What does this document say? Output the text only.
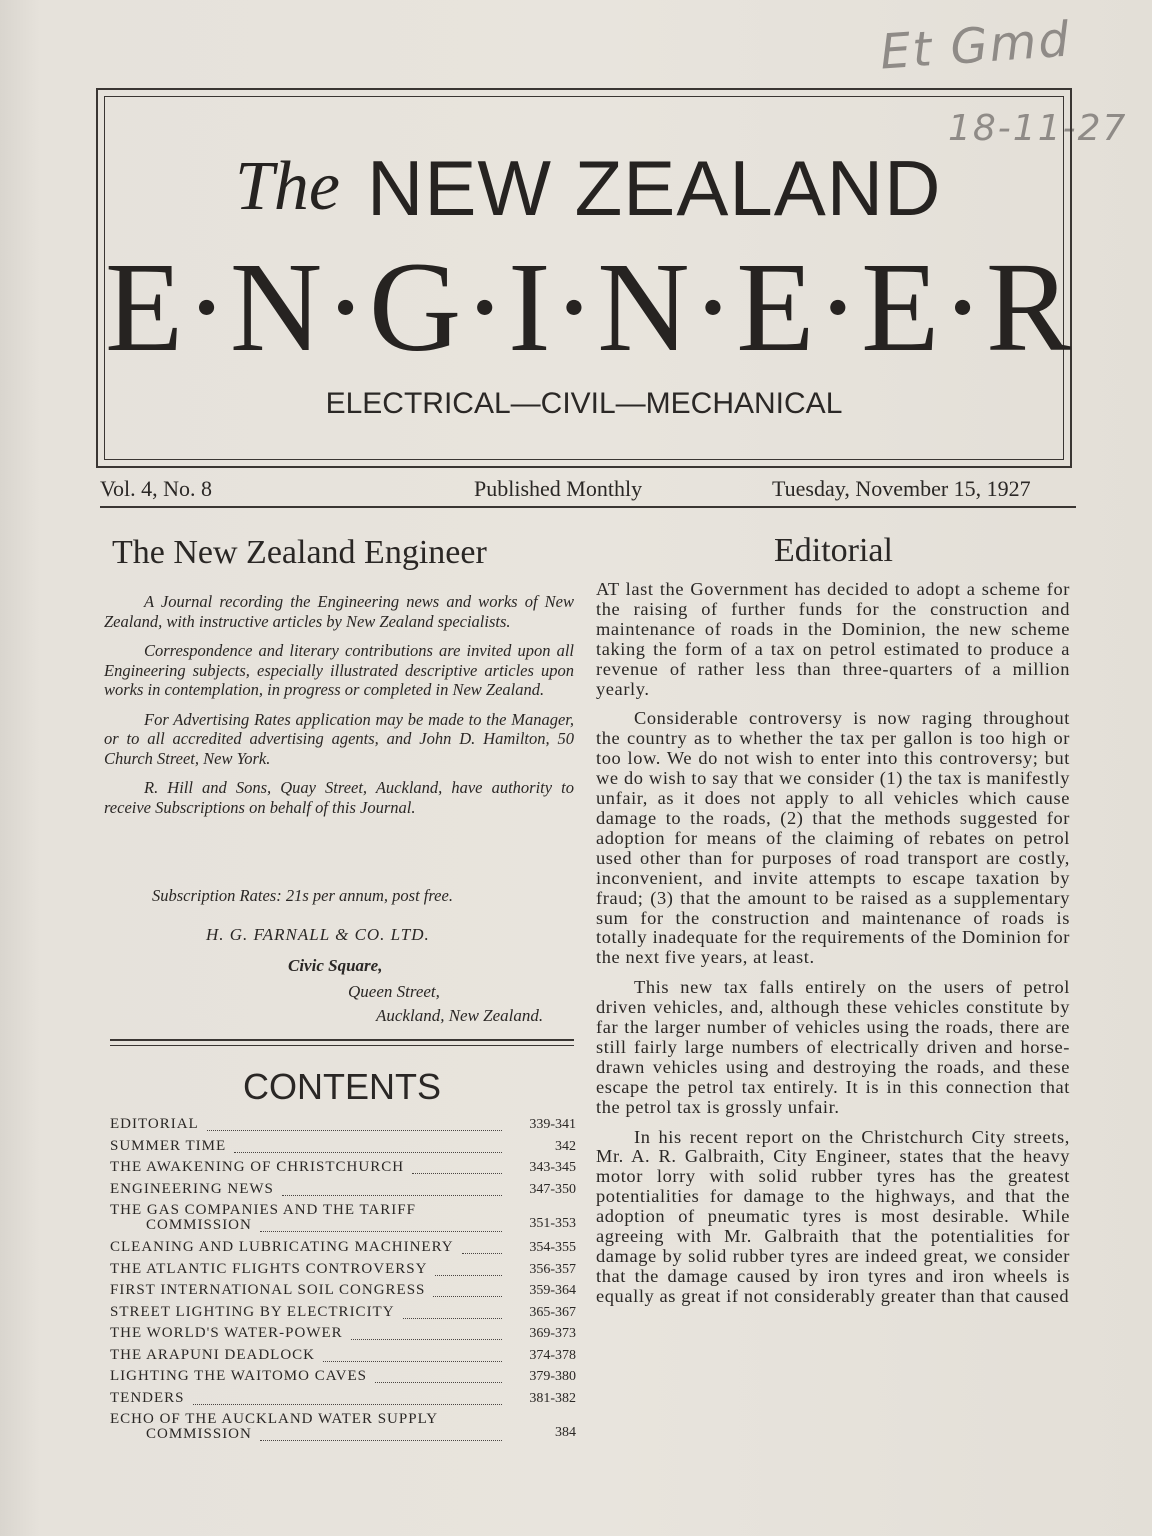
Et Gmd
18-11-27
The NEW ZEALAND
E·N·G·I·N·E·E·R
ELECTRICAL—CIVIL—MECHANICAL
Vol. 4, No. 8	Published Monthly	Tuesday, November 15, 1927
The New Zealand Engineer

A Journal recording the Engineering news and works of New Zealand, with instructive articles by New Zealand specialists.

Correspondence and literary contributions are invited upon all Engineering subjects, especially illustrated descriptive articles upon works in contemplation, in progress or completed in New Zealand.

For Advertising Rates application may be made to the Manager, or to all accredited advertising agents, and John D. Hamilton, 50 Church Street, New York.

R. Hill and Sons, Quay Street, Auckland, have authority to receive Subscriptions on behalf of this Journal.

Subscription Rates: 21s per annum, post free.
H. G. FARNALL & CO. LTD.
Civic Square,
Queen Street,
Auckland, New Zealand.
CONTENTS
EDITORIAL	339-341
SUMMER TIME	342
THE AWAKENING OF CHRISTCHURCH	343-345
ENGINEERING NEWS	347-350
THE GAS COMPANIES AND THE TARIFF
COMMISSION	351-353
CLEANING AND LUBRICATING MACHINERY	354-355
THE ATLANTIC FLIGHTS CONTROVERSY	356-357
FIRST INTERNATIONAL SOIL CONGRESS	359-364
STREET LIGHTING BY ELECTRICITY	365-367
THE WORLD'S WATER-POWER	369-373
THE ARAPUNI DEADLOCK	374-378
LIGHTING THE WAITOMO CAVES	379-380
TENDERS	381-382
ECHO OF THE AUCKLAND WATER SUPPLY
COMMISSION	384
Editorial

AT last the Government has decided to adopt a scheme for the raising of further funds for the construction and maintenance of roads in the Dominion, the new scheme taking the form of a tax on petrol estimated to produce a revenue of rather less than three-quarters of a million yearly.

Considerable controversy is now raging throughout the country as to whether the tax per gallon is too high or too low. We do not wish to enter into this controversy; but we do wish to say that we consider (1) the tax is manifestly unfair, as it does not apply to all vehicles which cause damage to the roads, (2) that the methods suggested for adoption for means of the claiming of rebates on petrol used other than for purposes of road transport are costly, inconvenient, and invite attempts to escape taxation by fraud; (3) that the amount to be raised as a supplementary sum for the construction and maintenance of roads is totally inadequate for the requirements of the Dominion for the next five years, at least.

This new tax falls entirely on the users of petrol driven vehicles, and, although these vehicles constitute by far the larger number of vehicles using the roads, there are still fairly large numbers of electrically driven and horse-drawn vehicles using and destroying the roads, and these escape the petrol tax entirely. It is in this connection that the petrol tax is grossly unfair.

In his recent report on the Christchurch City streets, Mr. A. R. Galbraith, City Engineer, states that the heavy motor lorry with solid rubber tyres has the greatest potentialities for damage to the highways, and that the adoption of pneumatic tyres is most desirable. While agreeing with Mr. Galbraith that the potentialities for damage by solid rubber tyres are indeed great, we consider that the damage caused by iron tyres and iron wheels is equally as great if not considerably greater than that caused
